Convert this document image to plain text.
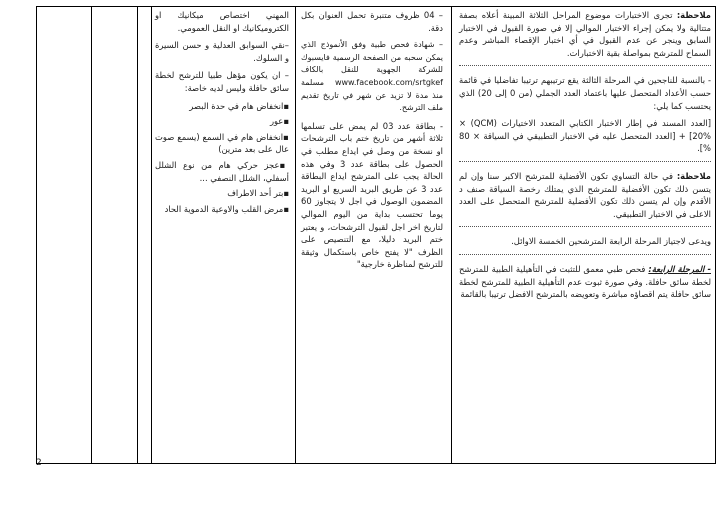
المهني اختصاص ميكانيك او الكتروميكانيك او النقل العمومي.

–نقي السوابق العدلية و حسن السيرة و السلوك.

– ان يكون مؤهل طبيا للترشح لخطة سائق حافلة وليس لديه خاصة:

▪انخفاض هام في حدة البصر
▪عور
▪انخفاض هام في السمع (يسمع صوت عال على بعد مترين)
▪عجز حركي هام من نوع الشلل أسفلي، الشلل النصفي ...
▪بتر أحد الاطراف
▪مرض القلب والاوعية الدموية الحاد

– 04 ظروف متنبرة تحمل العنوان بكل دقة.

– شهادة فحص طبية وفق الأنموذج الذي يمكن سحبه من الصفحة الرسمية فايسبوك للشركة الجهوية للنقل بالكاف www.facebook.com/srtgkef مسلمة منذ مدة لا تزيد عن شهر في تاريخ تقديم ملف الترشح.

- بطاقة عدد 03 لم يمض على تسلمها ثلاثة أشهر من تاريخ ختم باب الترشحات او نسخة من وصل في ايداع مطلب في الحصول على بطاقة عدد 3 وفي هذه الحالة يجب على المترشح ايداع البطاقة عدد 3 عن طريق البريد السريع او البريد المضمون الوصول في اجل لا يتجاوز 60 يوما تحتسب بداية من اليوم الموالي لتاريخ اخر اجل لقبول الترشحات، و يعتبر ختم البريد دليلا، مع التنصيص على الظرف "لا يفتح خاص باستكمال وثيقة للترشح لمناظرة خارجية"

ملاحظة: تجرى الاختبارات موضوع المراحل الثلاثة المبينة أعلاه بصفة متتالية ولا يمكن إجراء الاختبار الموالي إلا في صورة القبول في الاختبار السابق وينجر عن عدم القبول في أي اختبار الإقصاء المباشر وعدم السماح للمترشح بمواصلة بقية الاختبارات.

- بالنسبة للناجحين في المرحلة الثالثة يقع ترتيبهم ترتيبا تفاضليا في قائمة حسب الأعداد المتحصل عليها باعتماد العدد الجملي (من 0 إلى 20) الذي يحتسب كما يلي:

[العدد المسند في إطار الاختبار الكتابي المتعدد الاختيارات (QCM) × 20%] + [العدد المتحصل عليه في الاختبار التطبيقي في السياقة × 80 %].

ملاحظة: في حالة التساوي تكون الأفضلية للمترشح الاكبر سنا وإن لم يتسن ذلك تكون الأفضلية للمترشح الذي يمتلك رخصة السياقة صنف د الأقدم وإن لم يتسن ذلك تكون الأفضلية للمترشح المتحصل على العدد الاعلى في الاختبار التطبيقي.

ويدعى لاجتياز المرحلة الرابعة المترشحين الخمسة الاوائل.

- المرحلة الرابعة: فحص طبي معمق للتثبت في التأهيلية الطبية للمترشح لخطة سائق حافلة. وفي صورة ثبوت عدم التأهيلية الطبية للمترشح لخطة سائق حافلة يتم اقصاؤه مباشرة وتعويضه بالمترشح الافضل ترتيبا بالقائمة

2
